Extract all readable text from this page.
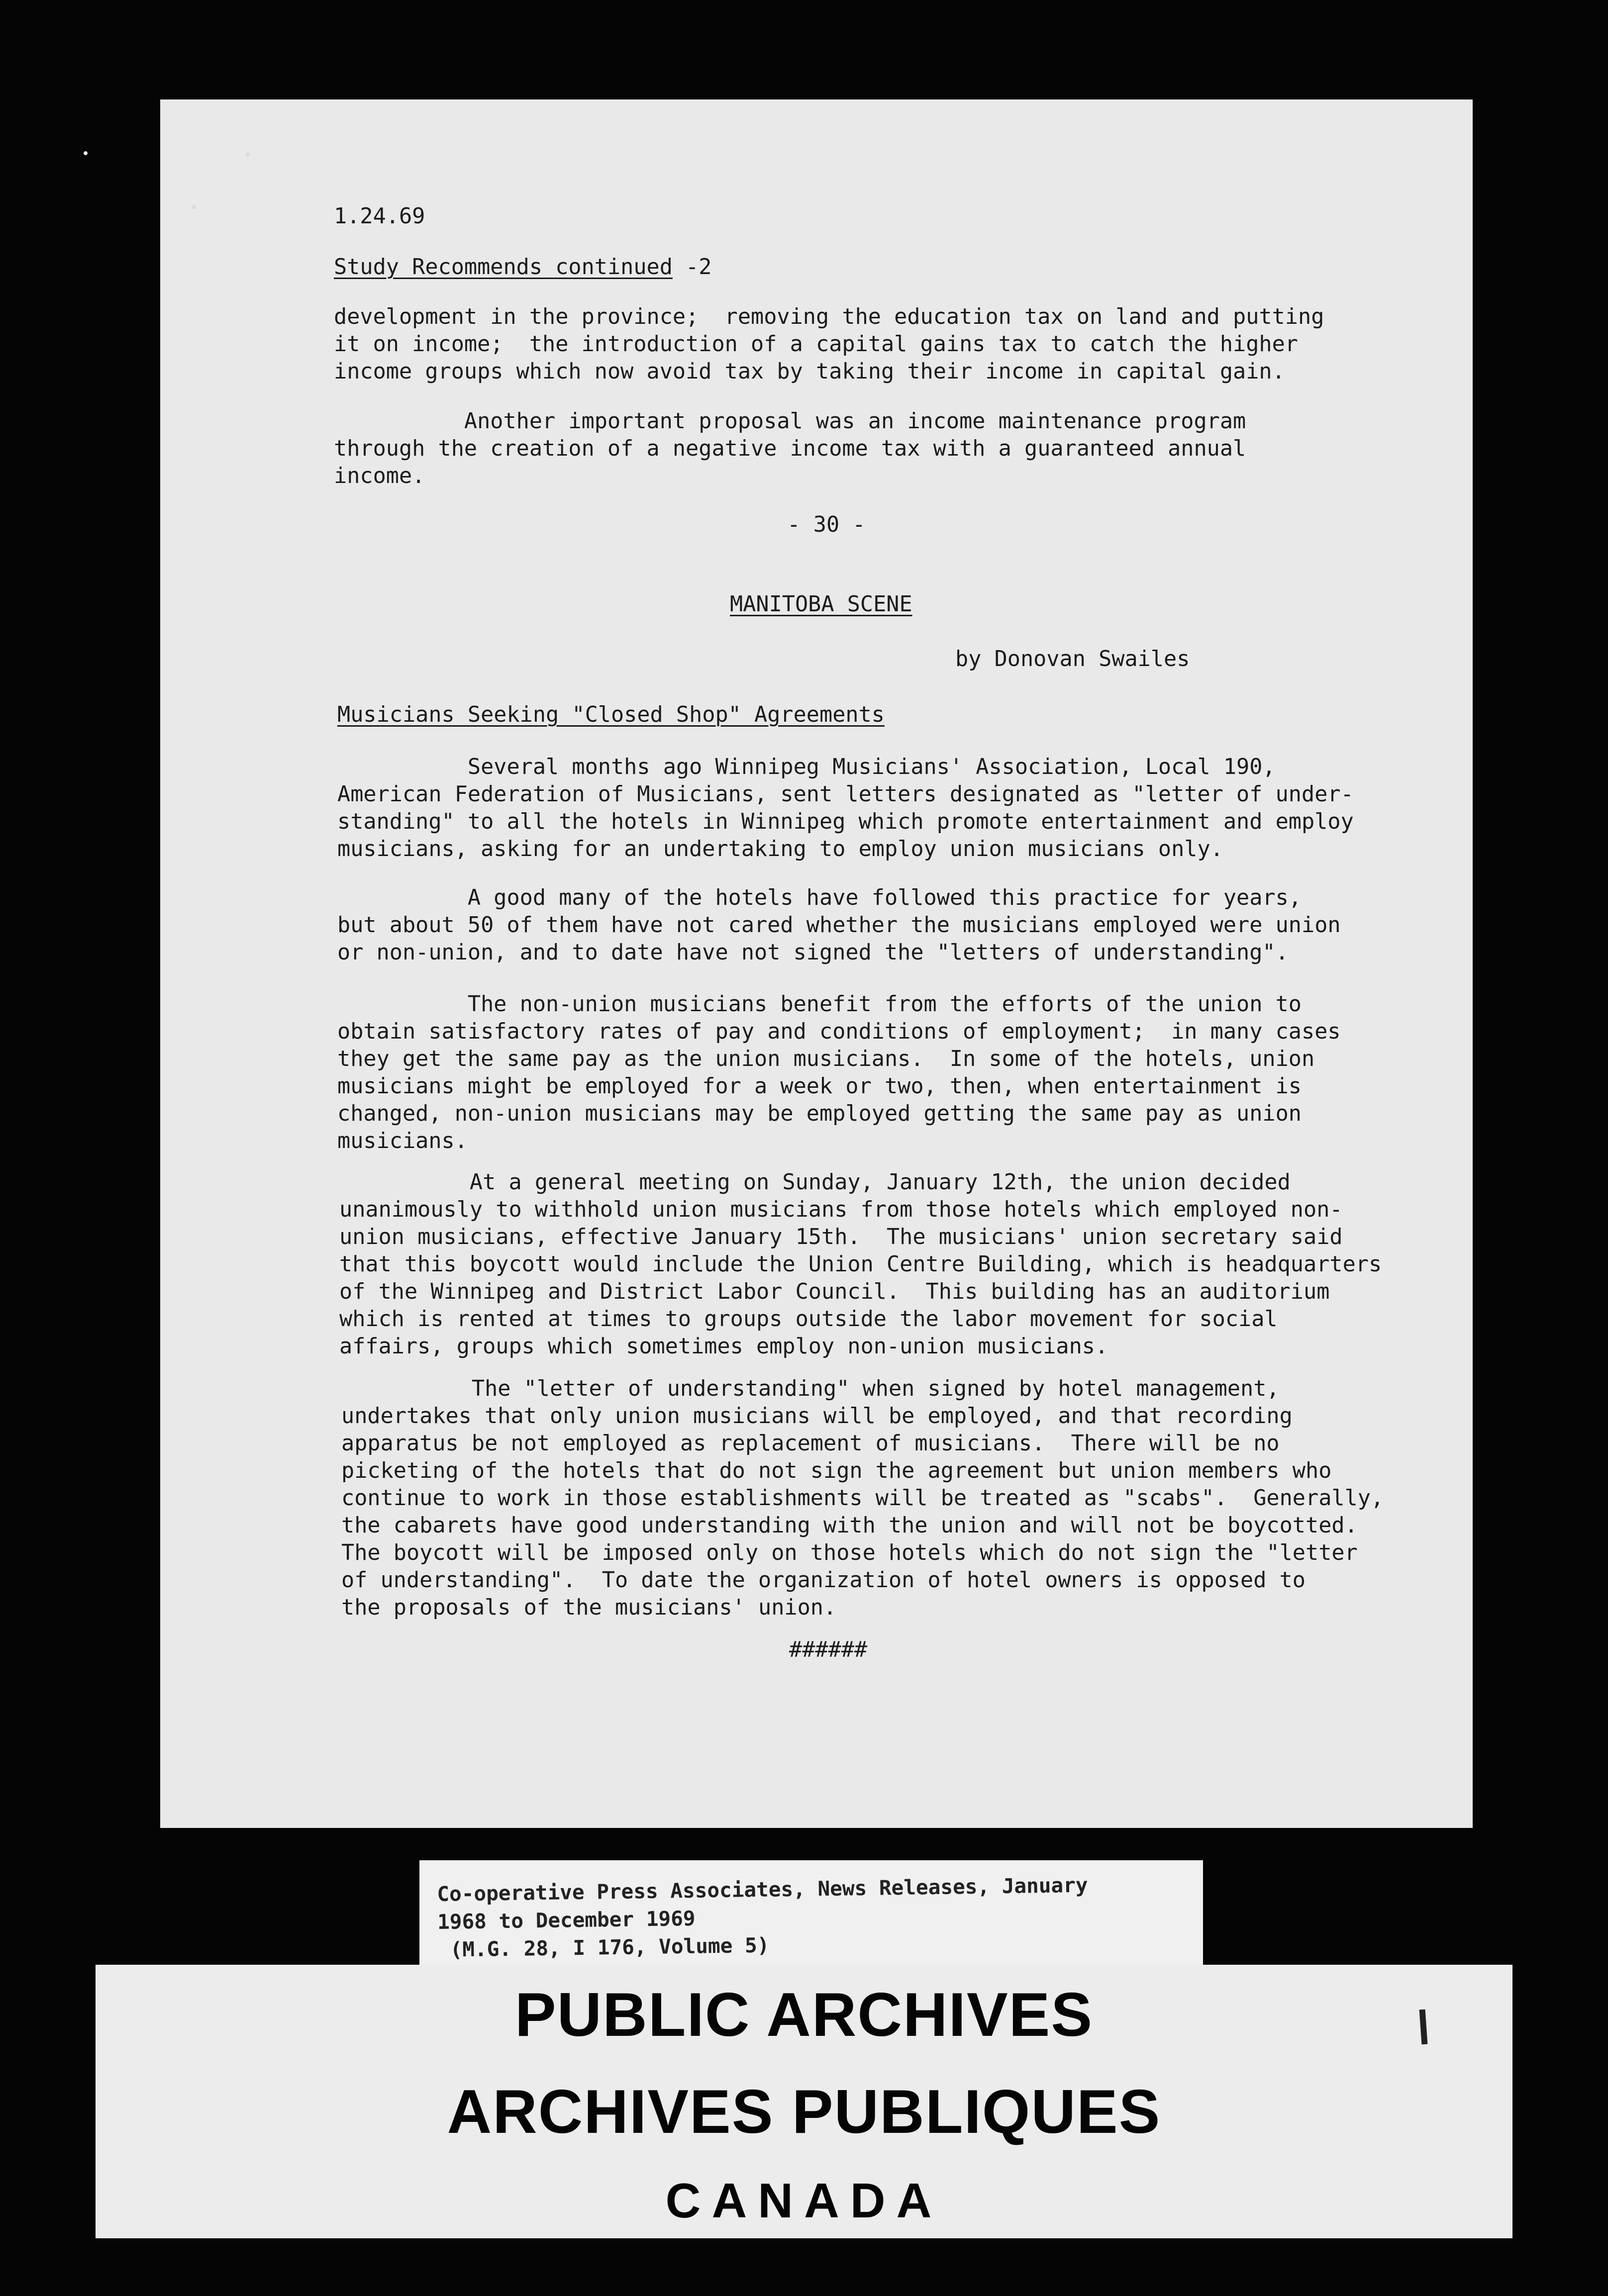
1.24.69

Study Recommends continued -2

development in the province;  removing the education tax on land and putting
it on income;  the introduction of a capital gains tax to catch the higher
income groups which now avoid tax by taking their income in capital gain.

Another important proposal was an income maintenance program
through the creation of a negative income tax with a guaranteed annual
income.

- 30 -

MANITOBA SCENE

by Donovan Swailes

Musicians Seeking "Closed Shop" Agreements

Several months ago Winnipeg Musicians' Association, Local 190,
American Federation of Musicians, sent letters designated as "letter of under-
standing" to all the hotels in Winnipeg which promote entertainment and employ
musicians, asking for an undertaking to employ union musicians only.

A good many of the hotels have followed this practice for years,
but about 50 of them have not cared whether the musicians employed were union
or non-union, and to date have not signed the "letters of understanding".

The non-union musicians benefit from the efforts of the union to
obtain satisfactory rates of pay and conditions of employment;  in many cases
they get the same pay as the union musicians.  In some of the hotels, union
musicians might be employed for a week or two, then, when entertainment is
changed, non-union musicians may be employed getting the same pay as union
musicians.

At a general meeting on Sunday, January 12th, the union decided
unanimously to withhold union musicians from those hotels which employed non-
union musicians, effective January 15th.  The musicians' union secretary said
that this boycott would include the Union Centre Building, which is headquarters
of the Winnipeg and District Labor Council.  This building has an auditorium
which is rented at times to groups outside the labor movement for social
affairs, groups which sometimes employ non-union musicians.

The "letter of understanding" when signed by hotel management,
undertakes that only union musicians will be employed, and that recording
apparatus be not employed as replacement of musicians.  There will be no
picketing of the hotels that do not sign the agreement but union members who
continue to work in those establishments will be treated as "scabs".  Generally,
the cabarets have good understanding with the union and will not be boycotted.
The boycott will be imposed only on those hotels which do not sign the "letter
of understanding".  To date the organization of hotel owners is opposed to
the proposals of the musicians' union.

######

Co-operative Press Associates, News Releases, January
1968 to December 1969
(M.G. 28, I 176, Volume 5)

PUBLIC ARCHIVES

ARCHIVES PUBLIQUES

CANADA
